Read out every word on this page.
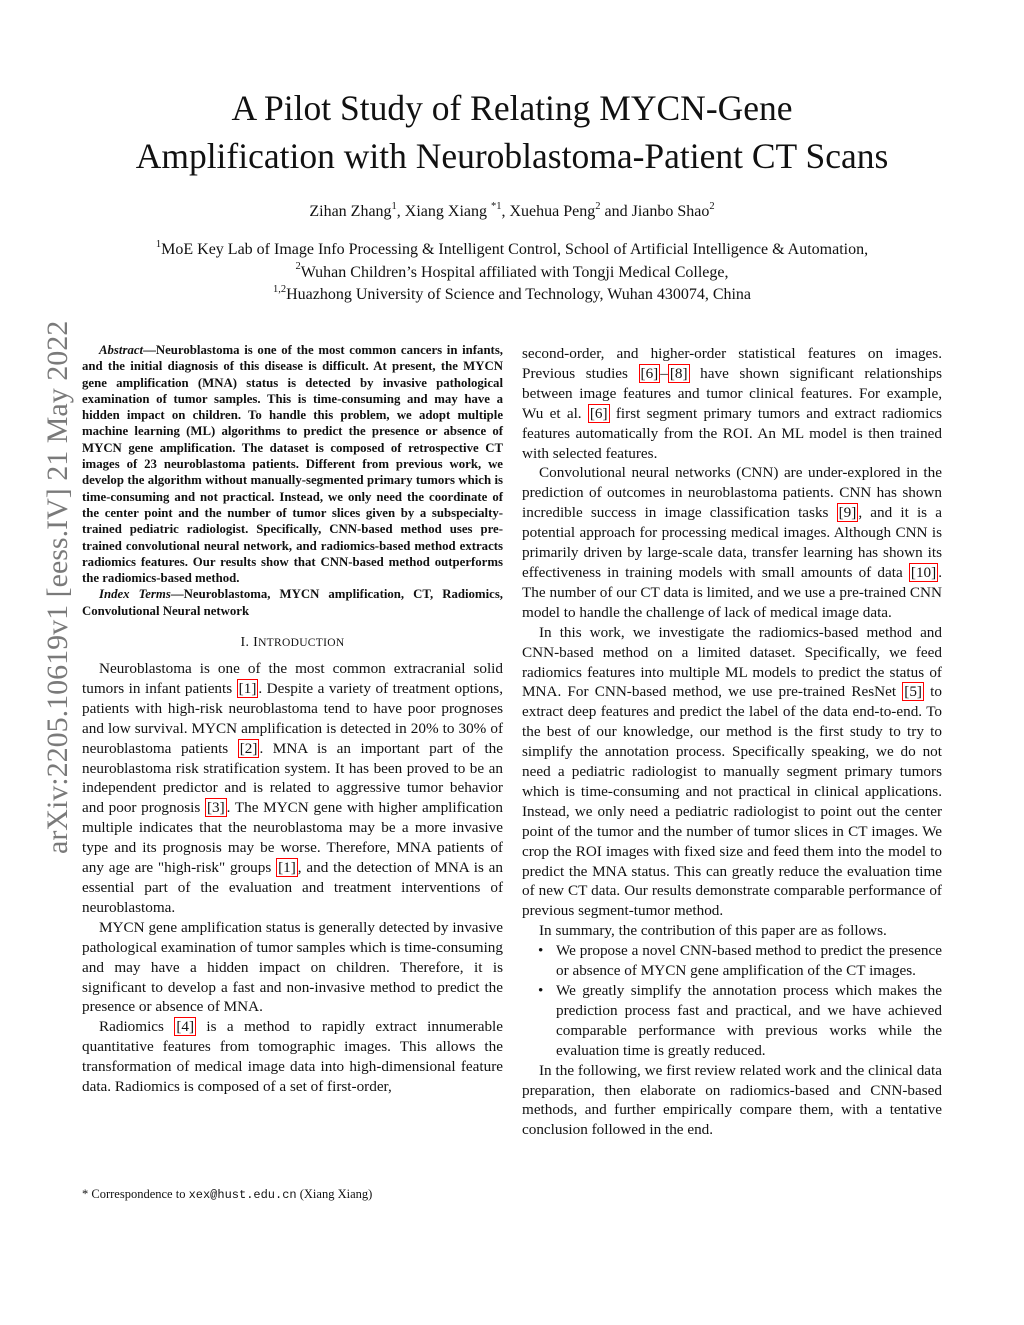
arXiv:2205.10619v1 [eess.IV] 21 May 2022
A Pilot Study of Relating MYCN-Gene
Amplification with Neuroblastoma-Patient CT Scans
Zihan Zhang$^1$, Xiang Xiang $^{*1}$, Xuehua Peng$^2$ and Jianbo Shao$^2$
$^1$MoE Key Lab of Image Info Processing & Intelligent Control, School of Artificial Intelligence & Automation,
$^2$Wuhan Children’s Hospital affiliated with Tongji Medical College,
$^{1,2}$Huazhong University of Science and Technology, Wuhan 430074, China

Abstract—Neuroblastoma is one of the most common cancers in infants, and the initial diagnosis of this disease is difficult. At present, the MYCN gene amplification (MNA) status is detected by invasive pathological examination of tumor samples. This is time-consuming and may have a hidden impact on children. To handle this problem, we adopt multiple machine learning (ML) algorithms to predict the presence or absence of MYCN gene amplification. The dataset is composed of retrospective CT images of 23 neuroblastoma patients. Different from previous work, we develop the algorithm without manually-segmented primary tumors which is time-consuming and not practical. Instead, we only need the coordinate of the center point and the number of tumor slices given by a subspecialty-trained pediatric radiologist. Specifically, CNN-based method uses pre-trained convolutional neural network, and radiomics-based method extracts radiomics features. Our results show that CNN-based method outperforms the radiomics-based method.

Index Terms—Neuroblastoma, MYCN amplification, CT, Radiomics, Convolutional Neural network

I. INTRODUCTION

Neuroblastoma is one of the most common extracranial solid tumors in infant patients [1] . Despite a variety of treatment options, patients with high-risk neuroblastoma tend to have poor prognoses and low survival. MYCN amplification is detected in 20% to 30% of neuroblastoma patients [2] . MNA is an important part of the neuroblastoma risk stratification system. It has been proved to be an independent predictor and is related to aggressive tumor behavior and poor prognosis [3] . The MYCN gene with higher amplification multiple indicates that the neuroblastoma may be a more invasive type and its prognosis may be worse. Therefore, MNA patients of any age are "high-risk" groups [1] , and the detection of MNA is an essential part of the evaluation and treatment interventions of neuroblastoma.

MYCN gene amplification status is generally detected by invasive pathological examination of tumor samples which is time-consuming and may have a hidden impact on children. Therefore, it is significant to develop a fast and non-invasive method to predict the presence or absence of MNA.

Radiomics [4] is a method to rapidly extract innumerable quantitative features from tomographic images. This allows the transformation of medical image data into high-dimensional feature data. Radiomics is composed of a set of first-order,

* Correspondence to xex@hust.edu.cn (Xiang Xiang)

second-order, and higher-order statistical features on images. Previous studies [6] – [8] have shown significant relationships between image features and tumor clinical features. For example, Wu et al. [6] first segment primary tumors and extract radiomics features automatically from the ROI. An ML model is then trained with selected features.

Convolutional neural networks (CNN) are under-explored in the prediction of outcomes in neuroblastoma patients. CNN has shown incredible success in image classification tasks [9] , and it is a potential approach for processing medical images. Although CNN is primarily driven by large-scale data, transfer learning has shown its effectiveness in training models with small amounts of data [10] . The number of our CT data is limited, and we use a pre-trained CNN model to handle the challenge of lack of medical image data.

In this work, we investigate the radiomics-based method and CNN-based method on a limited dataset. Specifically, we feed radiomics features into multiple ML models to predict the status of MNA. For CNN-based method, we use pre-trained ResNet [5] to extract deep features and predict the label of the data end-to-end. To the best of our knowledge, our method is the first study to try to simplify the annotation process. Specifically speaking, we do not need a pediatric radiologist to manually segment primary tumors which is time-consuming and not practical in clinical applications. Instead, we only need a pediatric radiologist to point out the center point of the tumor and the number of tumor slices in CT images. We crop the ROI images with fixed size and feed them into the model to predict the MNA status. This can greatly reduce the evaluation time of new CT data. Our results demonstrate comparable performance of previous segment-tumor method.

In summary, the contribution of this paper are as follows.

• We propose a novel CNN-based method to predict the presence or absence of MYCN gene amplification of the CT images.
• We greatly simplify the annotation process which makes the prediction process fast and practical, and we have achieved comparable performance with previous works while the evaluation time is greatly reduced.

In the following, we first review related work and the clinical data preparation, then elaborate on radiomics-based and CNN-based methods, and further empirically compare them, with a tentative conclusion followed in the end.
